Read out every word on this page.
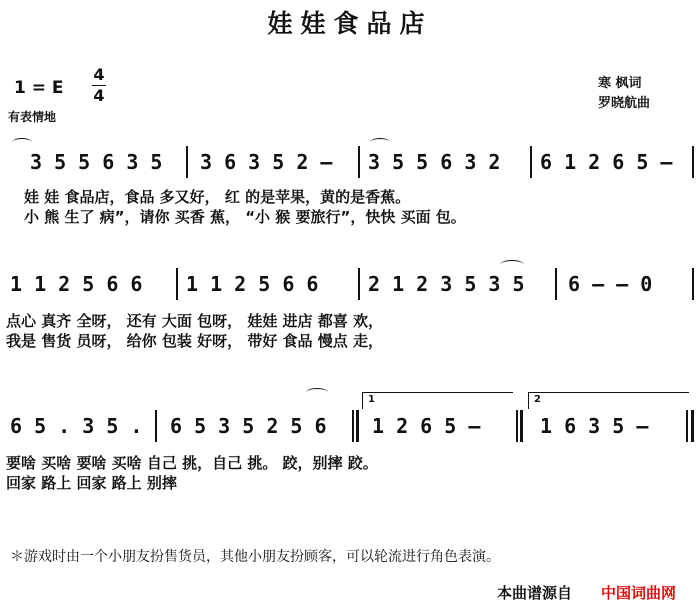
娃娃食品店
1 = E
4
4
有表情地
寒 枫词
罗晓航曲
3 5 5 6 3 5 3 6 3 5 2 – 3 5 5 6 3 2 6 1 2 6 5 –
娃 娃 食品店，食品 多又好， 红 的是苹果，黄的是香蕉。
小 熊 生了 病”，请你 买香 蕉， “小 猴 要旅行”，快快 买面 包。
1 1 2 5 6 6 1 1 2 5 6 6 2 1 2 3 5 3 5 6 – – 0
点心 真齐 全呀， 还有 大面 包呀， 娃娃 进店 都喜 欢，
我是 售货 员呀， 给你 包装 好呀， 带好 食品 慢点 走，
1	2
6 5 . 3 5 . 6 5 3 5 2 5 6 1 2 6 5 –	1 6 3 5 –
要啥 买啥 要啥 买啥 自己 挑，自己 挑。 跤，别摔 跤。
回家 路上 回家 路上 别摔
＊游戏时由一个小朋友扮售货员，其他小朋友扮顾客，可以轮流进行角色表演。
本曲谱源自 中国词曲网
